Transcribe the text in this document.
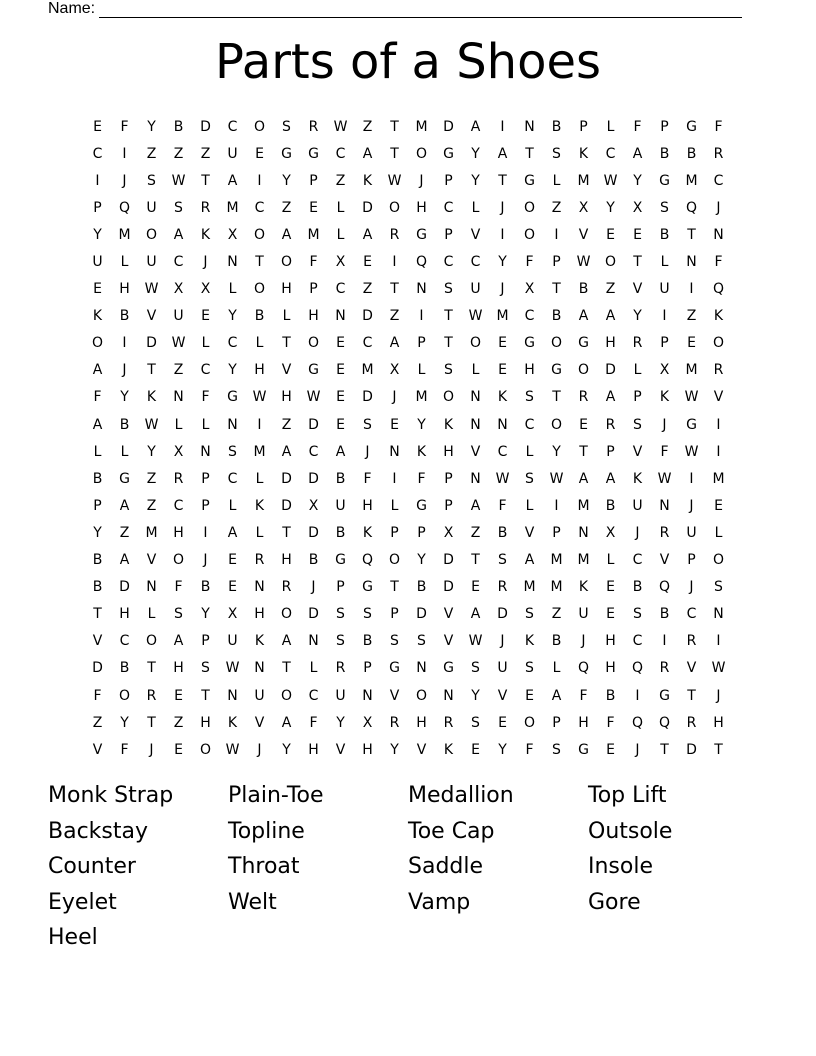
Name:
Parts of a Shoes
E	F	Y	B	D	C	O	S	R	W	Z	T	M	D	A	I	N	B	P	L	F	P	G	F
C	I	Z	Z	Z	U	E	G	G	C	A	T	O	G	Y	A	T	S	K	C	A	B	B	R
I	J	S	W	T	A	I	Y	P	Z	K	W	J	P	Y	T	G	L	M	W	Y	G	M	C
P	Q	U	S	R	M	C	Z	E	L	D	O	H	C	L	J	O	Z	X	Y	X	S	Q	J
Y	M	O	A	K	X	O	A	M	L	A	R	G	P	V	I	O	I	V	E	E	B	T	N
U	L	U	C	J	N	T	O	F	X	E	I	Q	C	C	Y	F	P	W	O	T	L	N	F
E	H	W	X	X	L	O	H	P	C	Z	T	N	S	U	J	X	T	B	Z	V	U	I	Q
K	B	V	U	E	Y	B	L	H	N	D	Z	I	T	W	M	C	B	A	A	Y	I	Z	K
O	I	D	W	L	C	L	T	O	E	C	A	P	T	O	E	G	O	G	H	R	P	E	O
A	J	T	Z	C	Y	H	V	G	E	M	X	L	S	L	E	H	G	O	D	L	X	M	R
F	Y	K	N	F	G	W	H	W	E	D	J	M	O	N	K	S	T	R	A	P	K	W	V
A	B	W	L	L	N	I	Z	D	E	S	E	Y	K	N	N	C	O	E	R	S	J	G	I
L	L	Y	X	N	S	M	A	C	A	J	N	K	H	V	C	L	Y	T	P	V	F	W	I
B	G	Z	R	P	C	L	D	D	B	F	I	F	P	N	W	S	W	A	A	K	W	I	M
P	A	Z	C	P	L	K	D	X	U	H	L	G	P	A	F	L	I	M	B	U	N	J	E
Y	Z	M	H	I	A	L	T	D	B	K	P	P	X	Z	B	V	P	N	X	J	R	U	L
B	A	V	O	J	E	R	H	B	G	Q	O	Y	D	T	S	A	M	M	L	C	V	P	O
B	D	N	F	B	E	N	R	J	P	G	T	B	D	E	R	M	M	K	E	B	Q	J	S
T	H	L	S	Y	X	H	O	D	S	S	P	D	V	A	D	S	Z	U	E	S	B	C	N
V	C	O	A	P	U	K	A	N	S	B	S	S	V	W	J	K	B	J	H	C	I	R	I
D	B	T	H	S	W	N	T	L	R	P	G	N	G	S	U	S	L	Q	H	Q	R	V	W
F	O	R	E	T	N	U	O	C	U	N	V	O	N	Y	V	E	A	F	B	I	G	T	J
Z	Y	T	Z	H	K	V	A	F	Y	X	R	H	R	S	E	O	P	H	F	Q	Q	R	H
V	F	J	E	O	W	J	Y	H	V	H	Y	V	K	E	Y	F	S	G	E	J	T	D	T
Monk Strap	Plain-Toe	Medallion	Top Lift
Backstay	Topline	Toe Cap	Outsole
Counter	Throat	Saddle	Insole
Eyelet	Welt	Vamp	Gore
Heel
